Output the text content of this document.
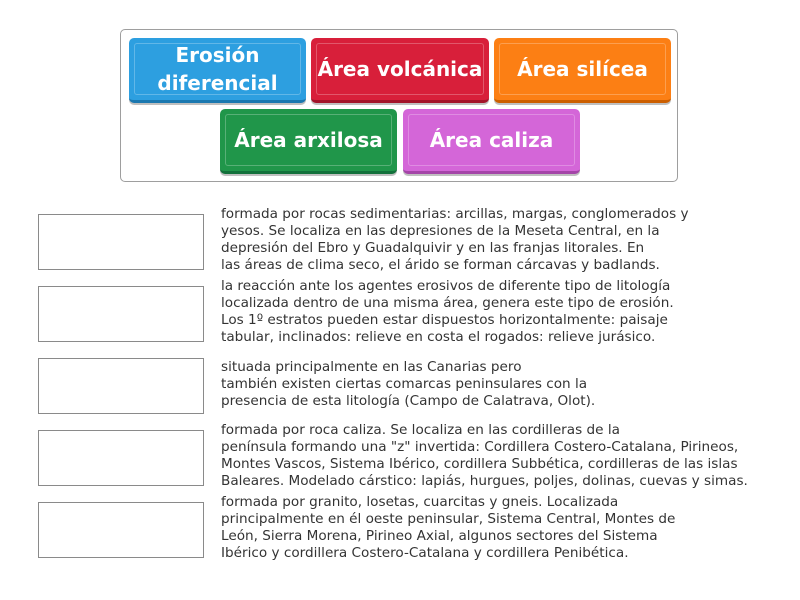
Erosión
diferencial
Área volcánica Área silícea
Área arxilosa Área caliza
formada por rocas sedimentarias: arcillas, margas, conglomerados y
yesos. Se localiza en las depresiones de la Meseta Central, en la
depresión del Ebro y Guadalquivir y en las franjas litorales. En
las áreas de clima seco, el árido se forman cárcavas y badlands.
la reacción ante los agentes erosivos de diferente tipo de litología
localizada dentro de una misma área, genera este tipo de erosión.
Los 1º estratos pueden estar dispuestos horizontalmente: paisaje
tabular, inclinados: relieve en costa el rogados: relieve jurásico.
situada principalmente en las Canarias pero
también existen ciertas comarcas peninsulares con la
presencia de esta litología (Campo de Calatrava, Olot).
formada por roca caliza. Se localiza en las cordilleras de la
península formando una "z" invertida: Cordillera Costero-Catalana, Pirineos,
Montes Vascos, Sistema Ibérico, cordillera Subbética, cordilleras de las islas
Baleares. Modelado cárstico: lapiás, hurgues, poljes, dolinas, cuevas y simas.
formada por granito, losetas, cuarcitas y gneis. Localizada
principalmente en él oeste peninsular, Sistema Central, Montes de
León, Sierra Morena, Pirineo Axial, algunos sectores del Sistema
Ibérico y cordillera Costero-Catalana y cordillera Penibética.
